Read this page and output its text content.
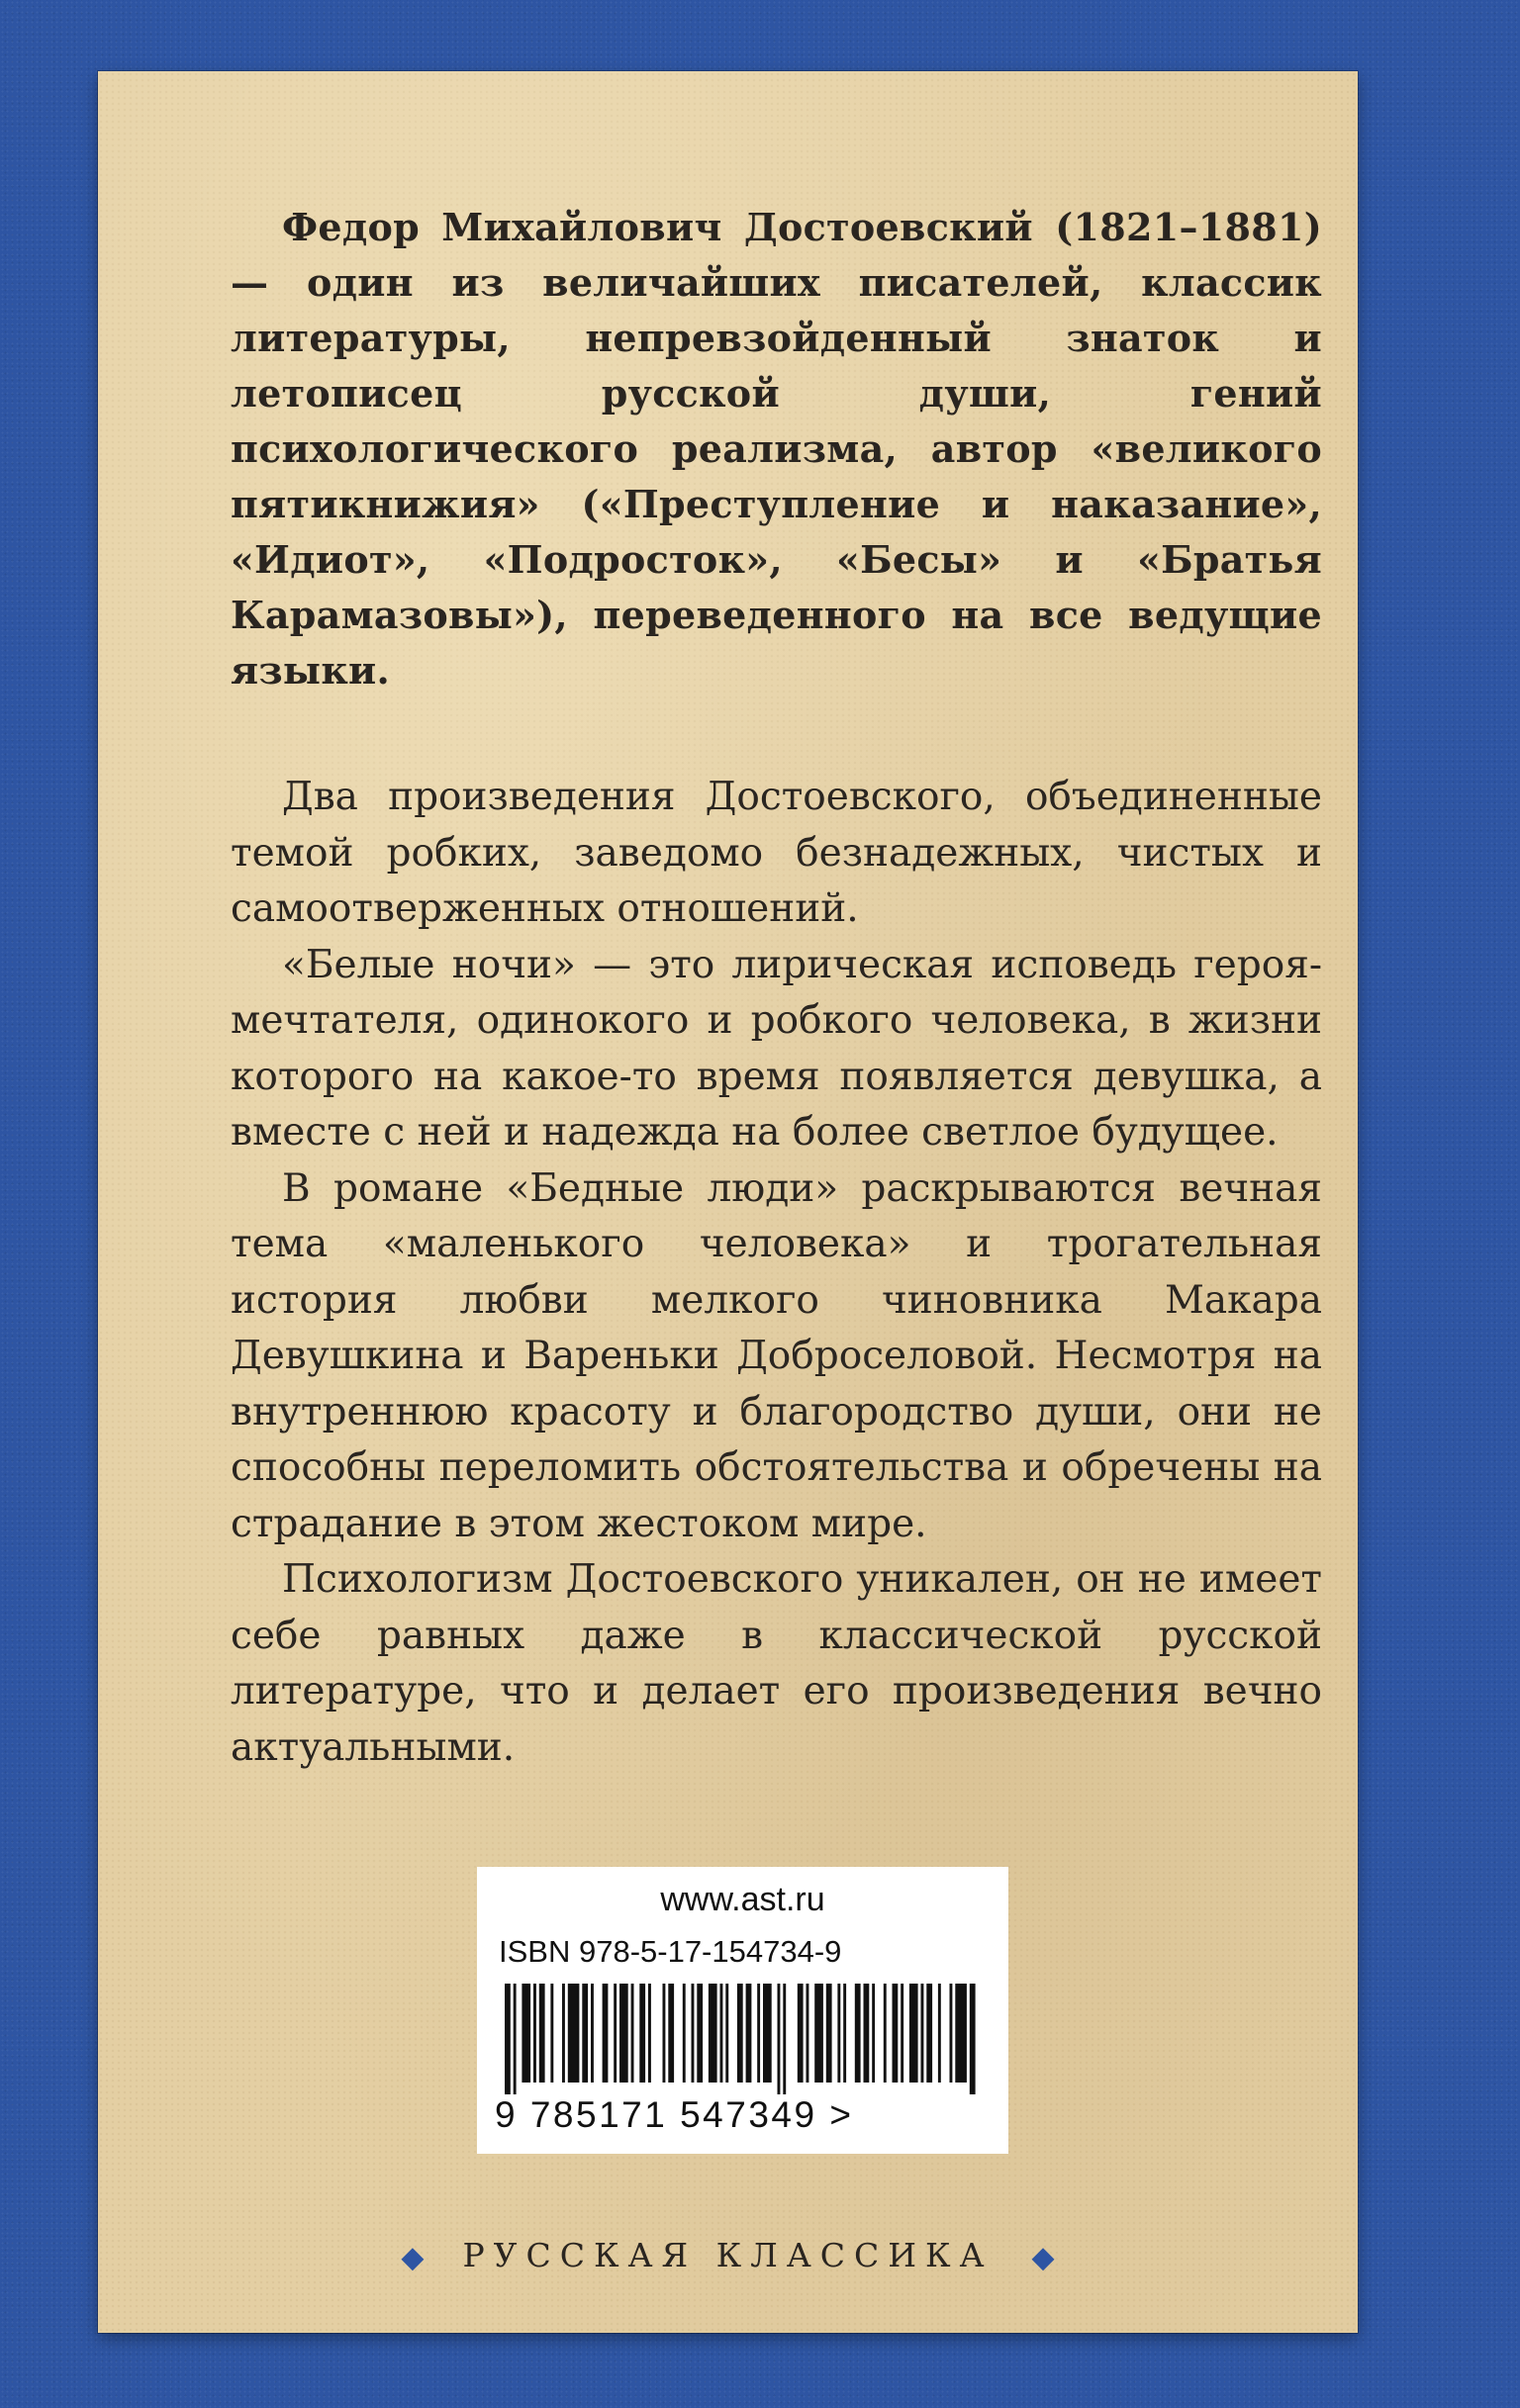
Федор Михайлович Достоевский (1821–1881) — один из величайших писателей, классик литературы, непревзойденный знаток и летописец русской души, гений психологического реализма, автор «великого пятикнижия» («Преступление и наказание», «Идиот», «Подросток», «Бесы» и «Братья Карамазовы»), переведенного на все ведущие языки.

Два произведения Достоевского, объединенные темой робких, заведомо безнадежных, чистых и самоотверженных отношений.

«Белые ночи» — это лирическая исповедь героя-мечтателя, одинокого и робкого человека, в жизни которого на какое-то время появляется девушка, а вместе с ней и надежда на более светлое будущее.

В романе «Бедные люди» раскрываются вечная тема «маленького человека» и трогательная история любви мелкого чиновника Макара Девушкина и Вареньки Доброселовой. Несмотря на внутреннюю красоту и благородство души, они не способны переломить обстоятельства и обречены на страдание в этом жестоком мире.

Психологизм Достоевского уникален, он не имеет себе равных даже в классической русской литературе, что и делает его произведения вечно актуальными.

www.ast.ru
ISBN 978-5-17-154734-9
9 785171 547349 >
◆ РУССКАЯ КЛАССИКА ◆
